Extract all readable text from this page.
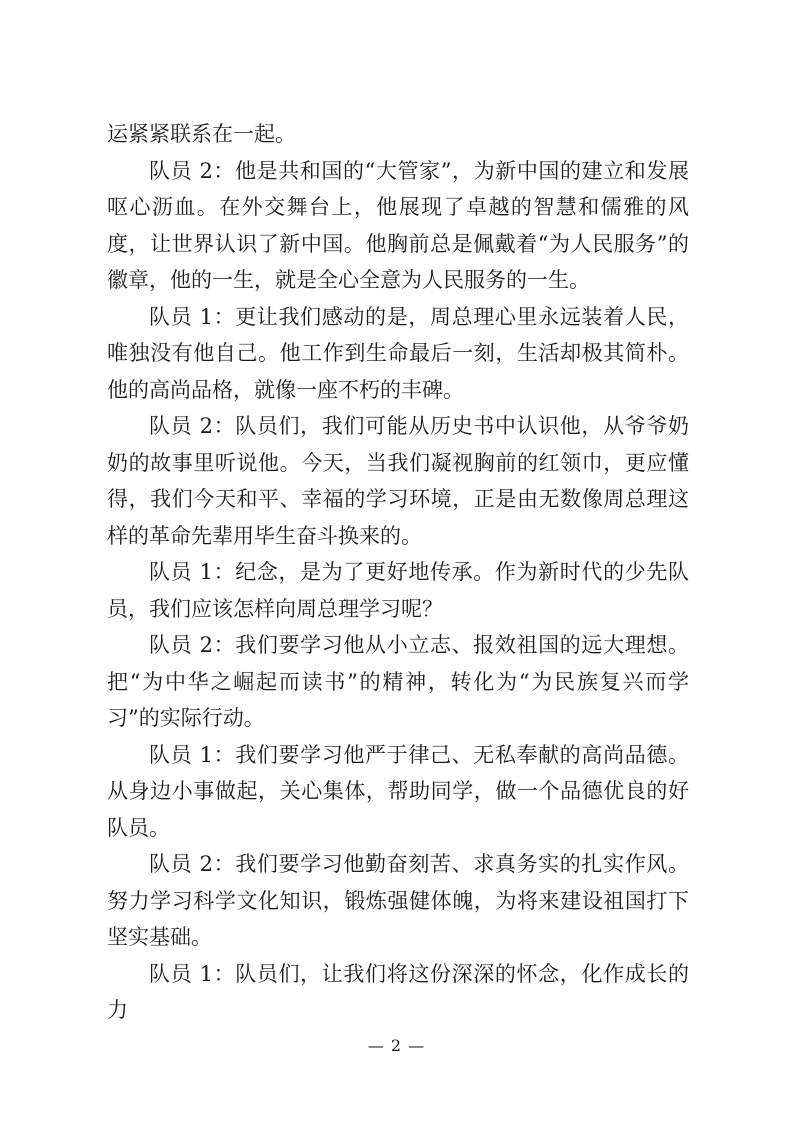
运紧紧联系在一起。

队员 2：他是共和国的“大管家”，为新中国的建立和发展呕心沥血。在外交舞台上，他展现了卓越的智慧和儒雅的风度，让世界认识了新中国。他胸前总是佩戴着“为人民服务”的徽章，他的一生，就是全心全意为人民服务的一生。

队员 1：更让我们感动的是，周总理心里永远装着人民，唯独没有他自己。他工作到生命最后一刻，生活却极其简朴。他的高尚品格，就像一座不朽的丰碑。

队员 2：队员们，我们可能从历史书中认识他，从爷爷奶奶的故事里听说他。今天，当我们凝视胸前的红领巾，更应懂得，我们今天和平、幸福的学习环境，正是由无数像周总理这样的革命先辈用毕生奋斗换来的。

队员 1：纪念，是为了更好地传承。作为新时代的少先队员，我们应该怎样向周总理学习呢？

队员 2：我们要学习他从小立志、报效祖国的远大理想。把“为中华之崛起而读书”的精神，转化为“为民族复兴而学习”的实际行动。

队员 1：我们要学习他严于律己、无私奉献的高尚品德。从身边小事做起，关心集体，帮助同学，做一个品德优良的好队员。

队员 2：我们要学习他勤奋刻苦、求真务实的扎实作风。努力学习科学文化知识，锻炼强健体魄，为将来建设祖国打下坚实基础。

队员 1：队员们，让我们将这份深深的怀念，化作成长的力

— 2 —
